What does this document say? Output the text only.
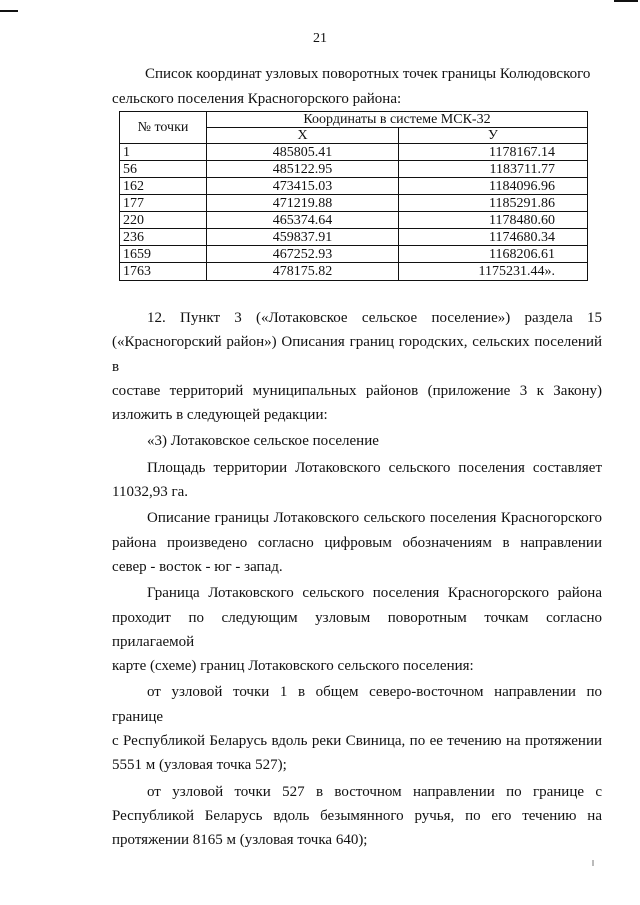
21
Список координат узловых поворотных точек границы Колюдовского
сельского поселения Красногорского района:
№ точки	Координаты в системе МСК-32	
	X	У
1	485805.41	1178167.14
56	485122.95	1183711.77
162	473415.03	1184096.96
177	471219.88	1185291.86
220	465374.64	1178480.60
236	459837.91	1174680.34
1659	467252.93	1168206.61
1763	478175.82	1175231.44».
12. Пункт 3 («Лотаковское сельское поселение») раздела 15
(«Красногорский район») Описания границ городских, сельских поселений в
составе территорий муниципальных районов (приложение 3 к Закону)
изложить в следующей редакции:
«3) Лотаковское сельское поселение
Площадь территории Лотаковского сельского поселения составляет
11032,93 га.
Описание границы Лотаковского сельского поселения Красногорского
района произведено согласно цифровым обозначениям в направлении
север - восток - юг - запад.
Граница Лотаковского сельского поселения Красногорского района
проходит по следующим узловым поворотным точкам согласно прилагаемой
карте (схеме) границ Лотаковского сельского поселения:
от узловой точки 1 в общем северо-восточном направлении по границе
с Республикой Беларусь вдоль реки Свиница, по ее течению на протяжении
5551 м (узловая точка 527);
от узловой точки 527 в восточном направлении по границе с
Республикой Беларусь вдоль безымянного ручья, по его течению на
протяжении 8165 м (узловая точка 640);
